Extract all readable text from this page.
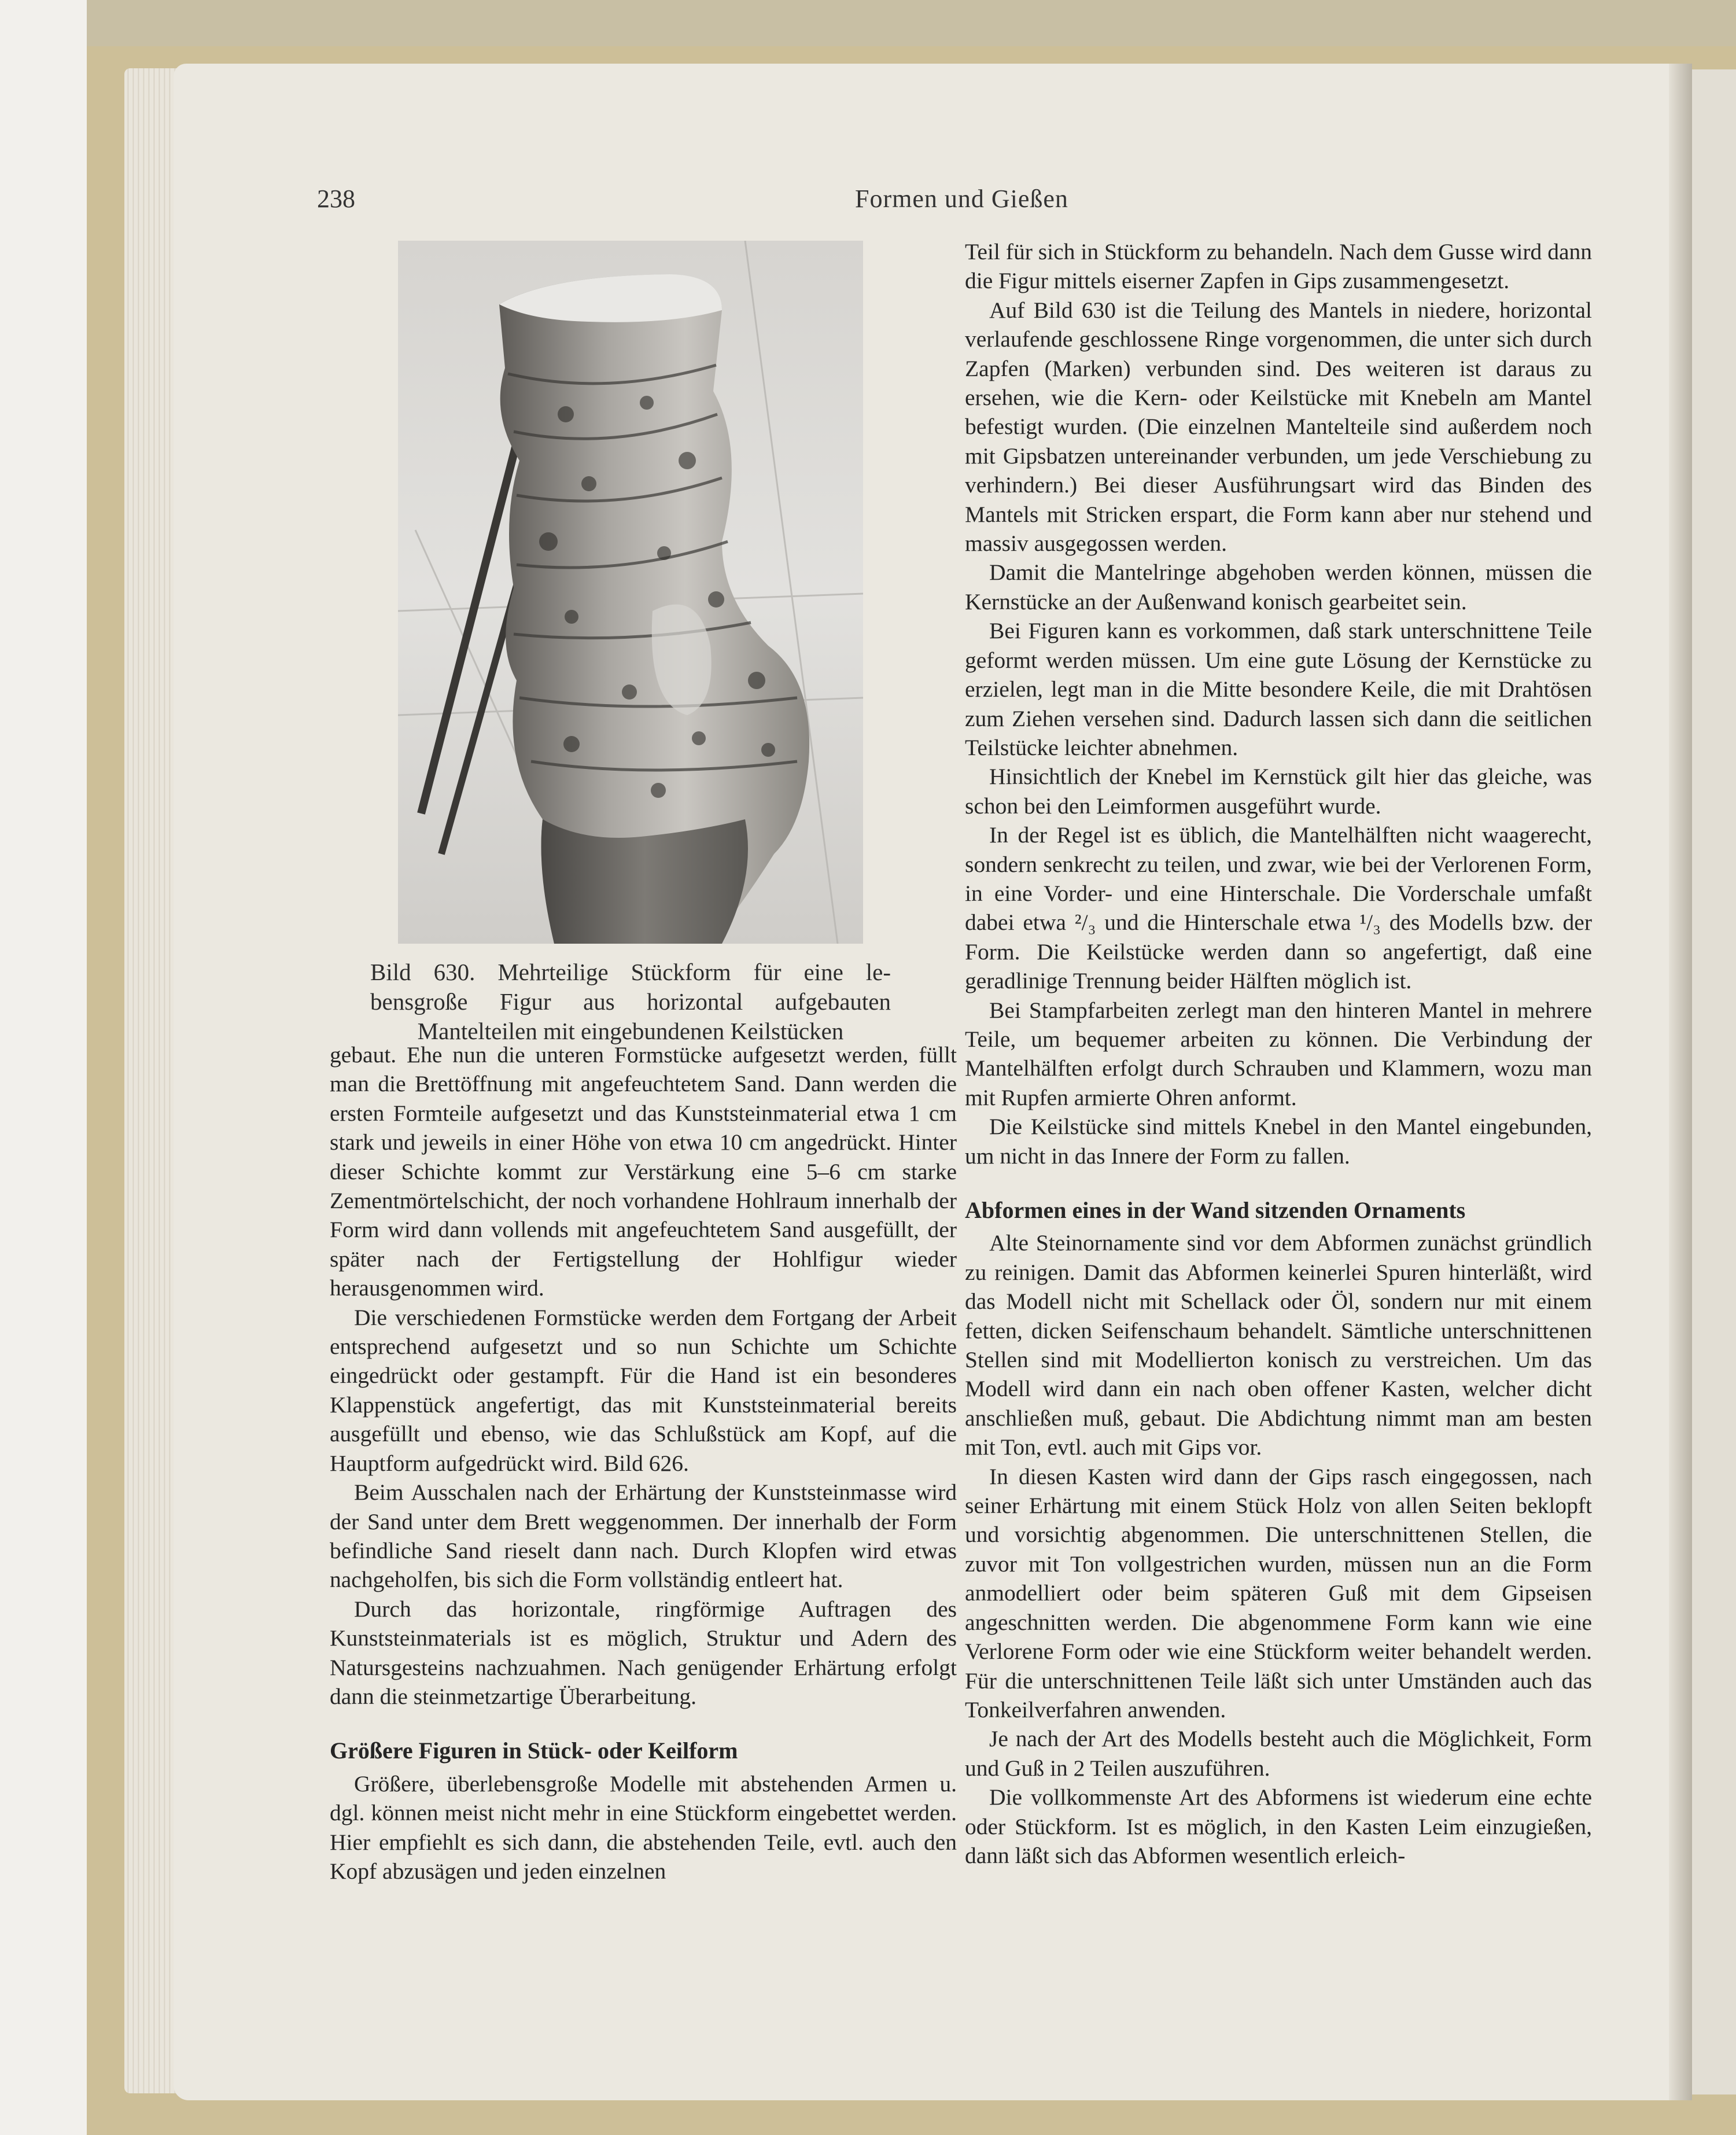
238	Formen und Gießen

Bild 630. Mehrteilige Stückform für eine le-

bensgroße Figur aus horizontal aufgebauten

Mantelteilen mit eingebundenen Keilstücken

gebaut. Ehe nun die unteren Formstücke aufgesetzt werden, füllt man die Brettöffnung mit angefeuchtetem Sand. Dann werden die ersten Formteile aufgesetzt und das Kunststeinmaterial etwa 1 cm stark und jeweils in einer Höhe von etwa 10 cm angedrückt. Hinter dieser Schichte kommt zur Verstärkung eine 5–6 cm starke Zementmörtelschicht, der noch vorhandene Hohlraum innerhalb der Form wird dann vollends mit angefeuchtetem Sand ausgefüllt, der später nach der Fertigstellung der Hohlfigur wieder herausgenommen wird.

Die verschiedenen Formstücke werden dem Fortgang der Arbeit entsprechend aufgesetzt und so nun Schichte um Schichte eingedrückt oder gestampft. Für die Hand ist ein besonderes Klappenstück angefertigt, das mit Kunststeinmaterial bereits ausgefüllt und ebenso, wie das Schlußstück am Kopf, auf die Hauptform aufgedrückt wird. Bild 626.

Beim Ausschalen nach der Erhärtung der Kunststeinmasse wird der Sand unter dem Brett weggenommen. Der innerhalb der Form befindliche Sand rieselt dann nach. Durch Klopfen wird etwas nachgeholfen, bis sich die Form vollständig entleert hat.

Durch das horizontale, ringförmige Auftragen des Kunststeinmaterials ist es möglich, Struktur und Adern des Natursgesteins nachzuahmen. Nach genügender Erhärtung erfolgt dann die steinmetzartige Überarbeitung.

Größere Figuren in Stück- oder Keilform

Größere, überlebensgroße Modelle mit abstehenden Armen u. dgl. können meist nicht mehr in eine Stückform eingebettet werden. Hier empfiehlt es sich dann, die abstehenden Teile, evtl. auch den Kopf abzusägen und jeden einzelnen

Teil für sich in Stückform zu behandeln. Nach dem Gusse wird dann die Figur mittels eiserner Zapfen in Gips zusammengesetzt.

Auf Bild 630 ist die Teilung des Mantels in niedere, horizontal verlaufende geschlossene Ringe vorgenommen, die unter sich durch Zapfen (Marken) verbunden sind. Des weiteren ist daraus zu ersehen, wie die Kern- oder Keilstücke mit Knebeln am Mantel befestigt wurden. (Die einzelnen Mantelteile sind außerdem noch mit Gipsbatzen untereinander verbunden, um jede Verschiebung zu verhindern.) Bei dieser Ausführungsart wird das Binden des Mantels mit Stricken erspart, die Form kann aber nur stehend und massiv ausgegossen werden.

Damit die Mantelringe abgehoben werden können, müssen die Kernstücke an der Außenwand konisch gearbeitet sein.

Bei Figuren kann es vorkommen, daß stark unterschnittene Teile geformt werden müssen. Um eine gute Lösung der Kernstücke zu erzielen, legt man in die Mitte besondere Keile, die mit Drahtösen zum Ziehen versehen sind. Dadurch lassen sich dann die seitlichen Teilstücke leichter abnehmen.

Hinsichtlich der Knebel im Kernstück gilt hier das gleiche, was schon bei den Leimformen ausgeführt wurde.

In der Regel ist es üblich, die Mantelhälften nicht waagerecht, sondern senkrecht zu teilen, und zwar, wie bei der Verlorenen Form, in eine Vorder- und eine Hinterschale. Die Vorderschale umfaßt dabei etwa ²/₃ und die Hinterschale etwa ¹/₃ des Modells bzw. der Form. Die Keilstücke werden dann so angefertigt, daß eine geradlinige Trennung beider Hälften möglich ist.

Bei Stampfarbeiten zerlegt man den hinteren Mantel in mehrere Teile, um bequemer arbeiten zu können. Die Verbindung der Mantelhälften erfolgt durch Schrauben und Klammern, wozu man mit Rupfen armierte Ohren anformt.

Die Keilstücke sind mittels Knebel in den Mantel eingebunden, um nicht in das Innere der Form zu fallen.

Abformen eines in der Wand sitzenden Ornaments

Alte Steinornamente sind vor dem Abformen zunächst gründlich zu reinigen. Damit das Abformen keinerlei Spuren hinterläßt, wird das Modell nicht mit Schellack oder Öl, sondern nur mit einem fetten, dicken Seifenschaum behandelt. Sämtliche unterschnittenen Stellen sind mit Modellierton konisch zu verstreichen. Um das Modell wird dann ein nach oben offener Kasten, welcher dicht anschließen muß, gebaut. Die Abdichtung nimmt man am besten mit Ton, evtl. auch mit Gips vor.

In diesen Kasten wird dann der Gips rasch eingegossen, nach seiner Erhärtung mit einem Stück Holz von allen Seiten beklopft und vorsichtig abgenommen. Die unterschnittenen Stellen, die zuvor mit Ton vollgestrichen wurden, müssen nun an die Form anmodelliert oder beim späteren Guß mit dem Gipseisen angeschnitten werden. Die abgenommene Form kann wie eine Verlorene Form oder wie eine Stückform weiter behandelt werden. Für die unterschnittenen Teile läßt sich unter Umständen auch das Tonkeilverfahren anwenden.

Je nach der Art des Modells besteht auch die Möglichkeit, Form und Guß in 2 Teilen auszuführen.

Die vollkommenste Art des Abformens ist wiederum eine echte oder Stückform. Ist es möglich, in den Kasten Leim einzugießen, dann läßt sich das Abformen wesentlich erleich-
